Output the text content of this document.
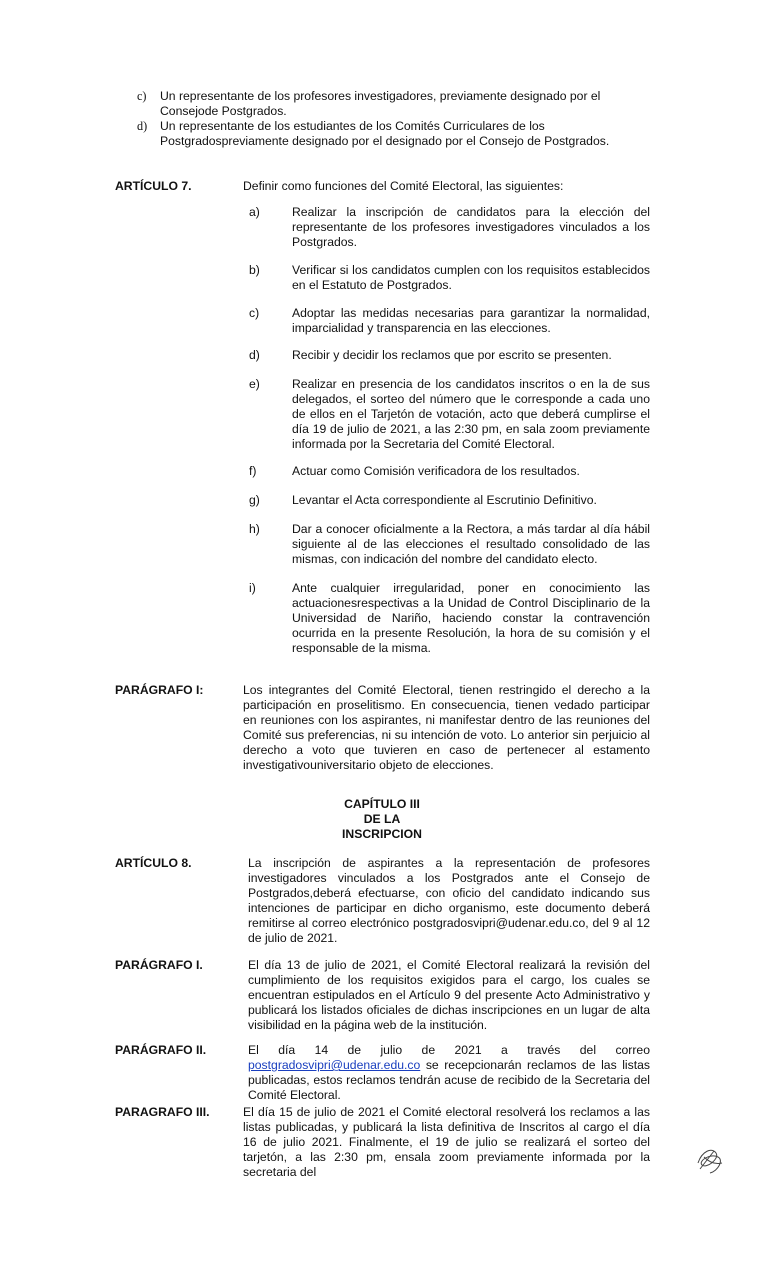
c) Un representante de los profesores investigadores, previamente designado por el Consejode Postgrados.
d) Un representante de los estudiantes de los Comités Curriculares de los Postgradospreviamente designado por el designado por el Consejo de Postgrados.
ARTÍCULO 7.	Definir como funciones del Comité Electoral, las siguientes:
a)	Realizar la inscripción de candidatos para la elección del representante de los profesores investigadores vinculados a los Postgrados.
b)	Verificar si los candidatos cumplen con los requisitos establecidos en el Estatuto de Postgrados.
c)	Adoptar las medidas necesarias para garantizar la normalidad, imparcialidad y transparencia en las elecciones.
d)	Recibir y decidir los reclamos que por escrito se presenten.
e)	Realizar en presencia de los candidatos inscritos o en la de sus delegados, el sorteo del número que le corresponde a cada uno de ellos en el Tarjetón de votación, acto que deberá cumplirse el día 19 de julio de 2021, a las 2:30 pm, en sala zoom previamente informada por la Secretaria del Comité Electoral.
f)	Actuar como Comisión verificadora de los resultados.
g)	Levantar el Acta correspondiente al Escrutinio Definitivo.
h)	Dar a conocer oficialmente a la Rectora, a más tardar al día hábil siguiente al de las elecciones el resultado consolidado de las mismas, con indicación del nombre del candidato electo.
i)	Ante cualquier irregularidad, poner en conocimiento las actuacionesrespectivas a la Unidad de Control Disciplinario de la Universidad de Nariño, haciendo constar la contravención ocurrida en la presente Resolución, la hora de su comisión y el responsable de la misma.
PARÁGRAFO I:	Los integrantes del Comité Electoral, tienen restringido el derecho a la participación en proselitismo. En consecuencia, tienen vedado participar en reuniones con los aspirantes, ni manifestar dentro de las reuniones del Comité sus preferencias, ni su intención de voto. Lo anterior sin perjuicio al derecho a voto que tuvieren en caso de pertenecer al estamento investigativouniversitario objeto de elecciones.
CAPÍTULO III
DE LA
INSCRIPCION
ARTÍCULO 8.	La inscripción de aspirantes a la representación de profesores investigadores vinculados a los Postgrados ante el Consejo de Postgrados,deberá efectuarse, con oficio del candidato indicando sus intenciones de participar en dicho organismo, este documento deberá remitirse al correo electrónico postgradosvipri@udenar.edu.co, del 9 al 12 de julio de 2021.
PARÁGRAFO I.	El día 13 de julio de 2021, el Comité Electoral realizará la revisión del cumplimiento de los requisitos exigidos para el cargo, los cuales se encuentran estipulados en el Artículo 9 del presente Acto Administrativo y publicará los listados oficiales de dichas inscripciones en un lugar de alta visibilidad en la página web de la institución.
PARÁGRAFO II.	El día 14 de julio de 2021 a través del correo
postgradosvipri@udenar.edu.co se recepcionarán reclamos de las listas publicadas, estos reclamos tendrán acuse de recibido de la Secretaria del Comité Electoral.
PARAGRAFO III.	El día 15 de julio de 2021 el Comité electoral resolverá los reclamos a las listas publicadas, y publicará la lista definitiva de Inscritos al cargo el día 16 de julio 2021. Finalmente, el 19 de julio se realizará el sorteo del tarjetón, a las 2:30 pm, ensala zoom previamente informada por la secretaria del
